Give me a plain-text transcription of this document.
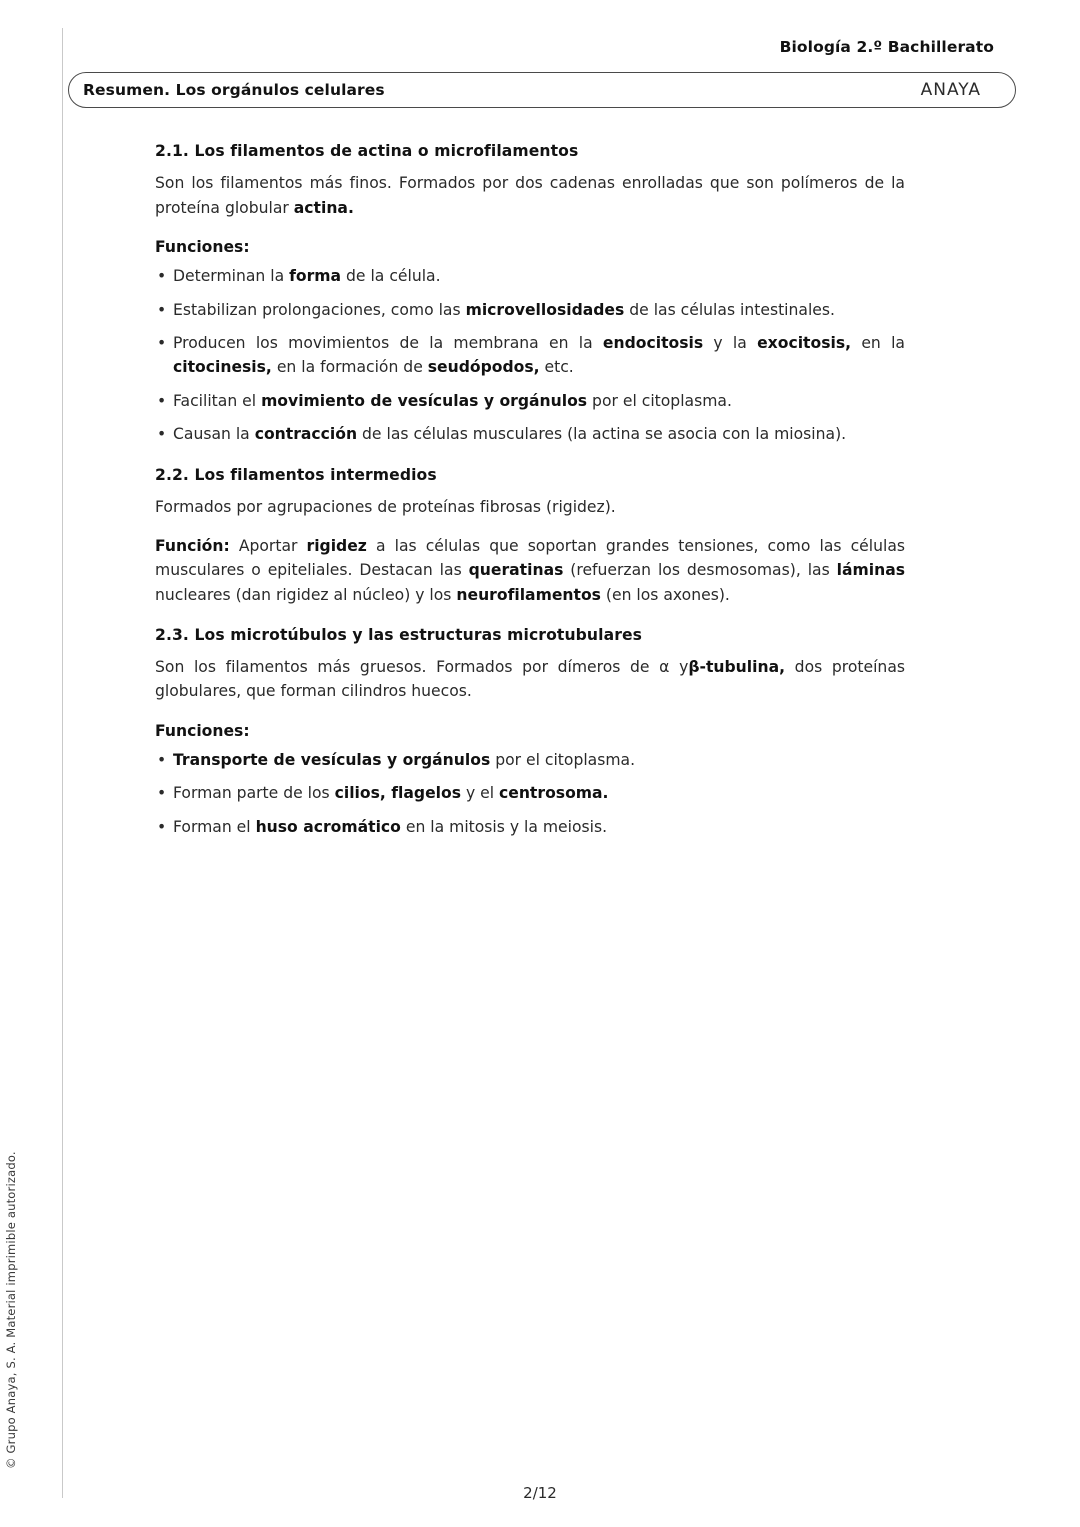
Biología 2.º Bachillerato
Resumen. Los orgánulos celulares	ANAYA
2.1. Los filamentos de actina o microfilamentos

Son los filamentos más finos. Formados por dos cadenas enrolladas que son polímeros de la proteína globular actina.

Funciones:
• Determinan la forma de la célula.
• Estabilizan prolongaciones, como las microvellosidades de las células intestinales.
• Producen los movimientos de la membrana en la endocitosis y la exocitosis, en la citocinesis, en la formación de seudópodos, etc.
• Facilitan el movimiento de vesículas y orgánulos por el citoplasma.
• Causan la contracción de las células musculares (la actina se asocia con la miosina).
2.2. Los filamentos intermedios

Formados por agrupaciones de proteínas fibrosas (rigidez).

Función: Aportar rigidez a las células que soportan grandes tensiones, como las células musculares o epiteliales. Destacan las queratinas (refuerzan los desmosomas), las láminas nucleares (dan rigidez al núcleo) y los neurofilamentos (en los axones).

2.3. Los microtúbulos y las estructuras microtubulares

Son los filamentos más gruesos. Formados por dímeros de α yβ-tubulina, dos proteínas globulares, que forman cilindros huecos.

Funciones:
• Transporte de vesículas y orgánulos por el citoplasma.
• Forman parte de los cilios, flagelos y el centrosoma.
• Forman el huso acromático en la mitosis y la meiosis.
© Grupo Anaya, S. A. Material imprimible autorizado.
2/12
